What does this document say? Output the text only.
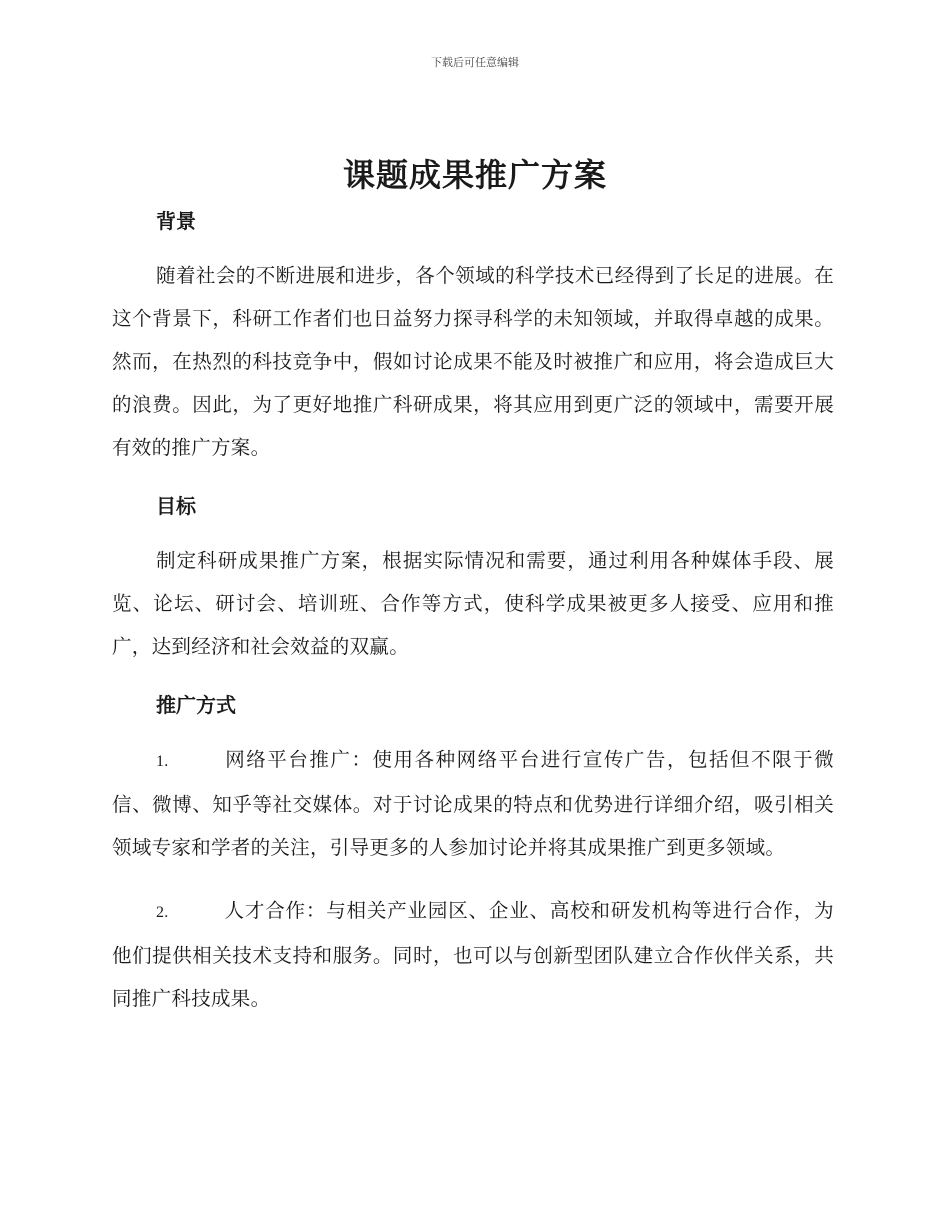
下载后可任意编辑
课题成果推广方案
背景

随着社会的不断进展和进步，各个领域的科学技术已经得到了长足的进展。在这个背景下，科研工作者们也日益努力探寻科学的未知领域，并取得卓越的成果。然而，在热烈的科技竞争中，假如讨论成果不能及时被推广和应用，将会造成巨大的浪费。因此，为了更好地推广科研成果，将其应用到更广泛的领域中，需要开展有效的推广方案。

目标

制定科研成果推广方案，根据实际情况和需要，通过利用各种媒体手段、展览、论坛、研讨会、培训班、合作等方式，使科学成果被更多人接受、应用和推广，达到经济和社会效益的双赢。

推广方式

1.	网络平台推广：使用各种网络平台进行宣传广告，包括但不限于微信、微博、知乎等社交媒体。对于讨论成果的特点和优势进行详细介绍，吸引相关领域专家和学者的关注，引导更多的人参加讨论并将其成果推广到更多领域。

2.	人才合作：与相关产业园区、企业、高校和研发机构等进行合作，为他们提供相关技术支持和服务。同时，也可以与创新型团队建立合作伙伴关系，共同推广科技成果。
